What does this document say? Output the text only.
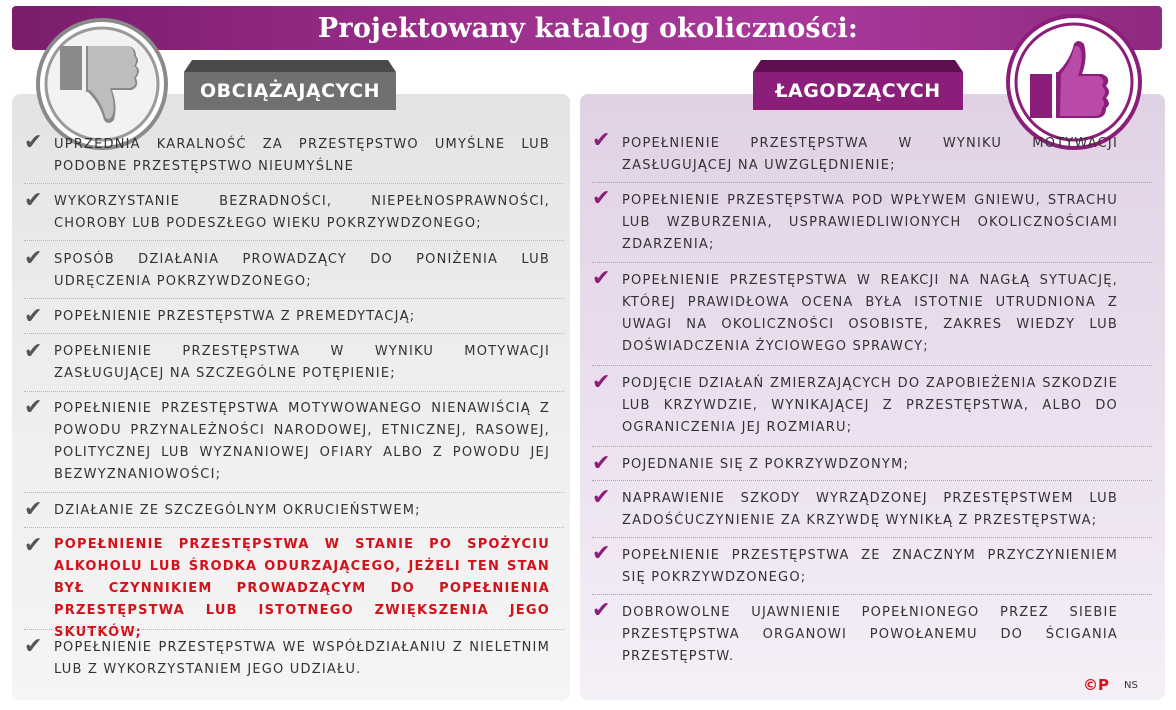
Projektowany katalog okoliczności:
OBCIĄŻAJĄCYCH	ŁAGODZĄCYCH
✔ UPRZEDNIA KARALNOŚĆ ZA PRZESTĘPSTWO UMYŚLNE LUB PODOBNE PRZESTĘPSTWO NIEUMYŚLNE
✔ WYKORZYSTANIE BEZRADNOŚCI, NIEPEŁNOSPRAWNOŚCI, CHOROBY LUB PODESZŁEGO WIEKU POKRZYWDZONEGO;
✔ SPOSÓB DZIAŁANIA PROWADZĄCY DO PONIŻENIA LUB UDRĘCZENIA POKRZYWDZONEGO;
✔ POPEŁNIENIE PRZESTĘPSTWA Z PREMEDYTACJĄ;
✔ POPEŁNIENIE PRZESTĘPSTWA W WYNIKU MOTYWACJI ZASŁUGUJĄCEJ NA SZCZEGÓLNE POTĘPIENIE;
✔ POPEŁNIENIE PRZESTĘPSTWA MOTYWOWANEGO NIENAWIŚCIĄ Z POWODU PRZYNALEŻNOŚCI NARODOWEJ, ETNICZNEJ, RASOWEJ, POLITYCZNEJ LUB WYZNANIOWEJ OFIARY ALBO Z POWODU JEJ BEZWYZNANIOWOŚCI;
✔ DZIAŁANIE ZE SZCZEGÓLNYM OKRUCIEŃSTWEM;
✔ POPEŁNIENIE PRZESTĘPSTWA W STANIE PO SPOŻYCIU ALKOHOLU LUB ŚRODKA ODURZAJĄCEGO, JEŻELI TEN STAN BYŁ CZYNNIKIEM PROWADZĄCYM DO POPEŁNIENIA PRZESTĘPSTWA LUB ISTOTNEGO ZWIĘKSZENIA JEGO SKUTKÓW;
✔ POPEŁNIENIE PRZESTĘPSTWA WE WSPÓŁDZIAŁANIU Z NIELETNIM LUB Z WYKORZYSTANIEM JEGO UDZIAŁU.
✔ POPEŁNIENIE PRZESTĘPSTWA W WYNIKU MOTYWACJI ZASŁUGUJĄCEJ NA UWZGLĘDNIENIE;
✔ POPEŁNIENIE PRZESTĘPSTWA POD WPŁYWEM GNIEWU, STRACHU LUB WZBURZENIA, USPRAWIEDLIWIONYCH OKOLICZNOŚCIAMI ZDARZENIA;
✔ POPEŁNIENIE PRZESTĘPSTWA W REAKCJI NA NAGŁĄ SYTUACJĘ, KTÓREJ PRAWIDŁOWA OCENA BYŁA ISTOTNIE UTRUDNIONA Z UWAGI NA OKOLICZNOŚCI OSOBISTE, ZAKRES WIEDZY LUB DOŚWIADCZENIA ŻYCIOWEGO SPRAWCY;
✔ PODJĘCIE DZIAŁAŃ ZMIERZAJĄCYCH DO ZAPOBIEŻENIA SZKODZIE LUB KRZYWDZIE, WYNIKAJĄCEJ Z PRZESTĘPSTWA, ALBO DO OGRANICZENIA JEJ ROZMIARU;
✔ POJEDNANIE SIĘ Z POKRZYWDZONYM;
✔ NAPRAWIENIE SZKODY WYRZĄDZONEJ PRZESTĘPSTWEM LUB ZADOŚĆUCZYNIENIE ZA KRZYWDĘ WYNIKŁĄ Z PRZESTĘPSTWA;
✔ POPEŁNIENIE PRZESTĘPSTWA ZE ZNACZNYM PRZYCZYNIENIEM SIĘ POKRZYWDZONEGO;
✔ DOBROWOLNE UJAWNIENIE POPEŁNIONEGO PRZEZ SIEBIE PRZESTĘPSTWA ORGANOWI POWOŁANEMU DO ŚCIGANIA PRZESTĘPSTW.
©P NS
